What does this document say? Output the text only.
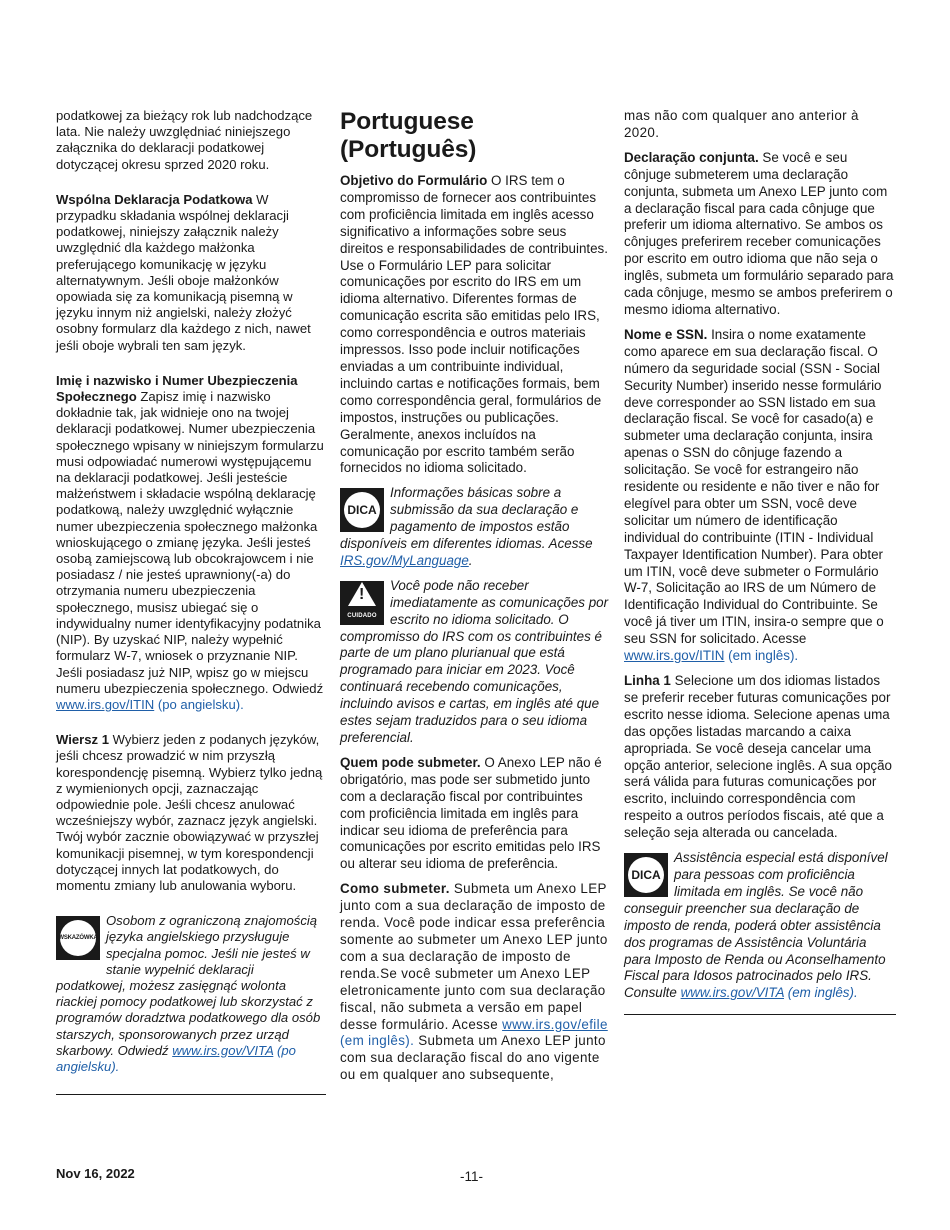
podatkowej za bieżący rok lub nadchodzące lata. Nie należy uwzględniać niniejszego załącznika do deklaracji podatkowej dotyczącej okresu sprzed 2020 roku.

Wspólna Deklaracja Podatkowa W przypadku składania wspólnej deklaracji podatkowej, niniejszy załącznik należy uwzględnić dla każdego małżonka preferującego komunikację w języku alternatywnym. Jeśli oboje małżonków opowiada się za komunikacją pisemną w języku innym niż angielski, należy złożyć osobny formularz dla każdego z nich, nawet jeśli oboje wybrali ten sam język.

Imię i nazwisko i Numer Ubezpieczenia Społecznego Zapisz imię i nazwisko dokładnie tak, jak widnieje ono na twojej deklaracji podatkowej. Numer ubezpieczenia społecznego wpisany w niniejszym formularzu musi odpowiadać numerowi występującemu na deklaracji podatkowej. Jeśli jesteście małżeństwem i składacie wspólną deklarację podatkową, należy uwzględnić wyłącznie numer ubezpieczenia społecznego małżonka wnioskującego o zmianę języka. Jeśli jesteś osobą zamiejscową lub obcokrajowcem i nie posiadasz / nie jesteś uprawniony(-a) do otrzymania numeru ubezpieczenia społecznego, musisz ubiegać się o indywidualny numer identyfikacyjny podatnika (NIP). By uzyskać NIP, należy wypełnić formularz W-7, wniosek o przyznanie NIP. Jeśli posiadasz już NIP, wpisz go w miejscu numeru ubezpieczenia społecznego. Odwiedź www.irs.gov/ITIN (po angielsku).

Wiersz 1 Wybierz jeden z podanych języków, jeśli chcesz prowadzić w nim przyszłą korespondencję pisemną. Wybierz tylko jedną z wymienionych opcji, zaznaczając odpowiednie pole. Jeśli chcesz anulować wcześniejszy wybór, zaznacz język angielski. Twój wybór zacznie obowiązywać w przyszłej komunikacji pisemnej, w tym korespondencji dotyczącej innych lat podatkowych, do momentu zmiany lub anulowania wyboru.

WSKAZÓWKA

Osobom z ograniczoną znajomością języka angielskiego przysługuje specjalna pomoc. Jeśli nie jesteś w stanie wypełnić deklaracji podatkowej, możesz zasięgnąć wolonta riackiej pomocy podatkowej lub skorzystać z programów doradztwa podatkowego dla osób starszych, sponsorowanych przez urząd skarbowy. Odwiedź www.irs.gov/VITA (po angielsku).

Portuguese (Português)

Objetivo do Formulário O IRS tem o compromisso de fornecer aos contribuintes com proficiência limitada em inglês acesso significativo a informações sobre seus direitos e responsabilidades de contribuintes. Use o Formulário LEP para solicitar comunicações por escrito do IRS em um idioma alternativo. Diferentes formas de comunicação escrita são emitidas pelo IRS, como correspondência e outros materiais impressos. Isso pode incluir notificações enviadas a um contribuinte individual, incluindo cartas e notificações formais, bem como correspondência geral, formulários de impostos, instruções ou publicações. Geralmente, anexos incluídos na comunicação por escrito também serão fornecidos no idioma solicitado.

DICA

Informações básicas sobre a submissão da sua declaração e pagamento de impostos estão disponíveis em diferentes idiomas. Acesse IRS.gov/MyLanguage.

!
CUIDADO

Você pode não receber imediatamente as comunicações por escrito no idioma solicitado. O compromisso do IRS com os contribuintes é parte de um plano plurianual que está programado para iniciar em 2023. Você continuará recebendo comunicações, incluindo avisos e cartas, em inglês até que estes sejam traduzidos para o seu idioma preferencial.

Quem pode submeter. O Anexo LEP não é obrigatório, mas pode ser submetido junto com a declaração fiscal por contribuintes com proficiência limitada em inglês para indicar seu idioma de preferência para comunicações por escrito emitidas pelo IRS ou alterar seu idioma de preferência.

Como submeter. Submeta um Anexo LEP junto com a sua declaração de imposto de renda. Você pode indicar essa preferência somente ao submeter um Anexo LEP junto com a sua declaração de imposto de renda.Se você submeter um Anexo LEP eletronicamente junto com sua declaração fiscal, não submeta a versão em papel desse formulário. Acesse www.irs.gov/efile (em inglês). Submeta um Anexo LEP junto com sua declaração fiscal do ano vigente ou em qualquer ano subsequente,

mas não com qualquer ano anterior à 2020.

Declaração conjunta. Se você e seu cônjuge submeterem uma declaração conjunta, submeta um Anexo LEP junto com a declaração fiscal para cada cônjuge que preferir um idioma alternativo. Se ambos os cônjuges preferirem receber comunicações por escrito em outro idioma que não seja o inglês, submeta um formulário separado para cada cônjuge, mesmo se ambos preferirem o mesmo idioma alternativo.

Nome e SSN. Insira o nome exatamente como aparece em sua declaração fiscal. O número da seguridade social (SSN - Social Security Number) inserido nesse formulário deve corresponder ao SSN listado em sua declaração fiscal. Se você for casado(a) e submeter uma declaração conjunta, insira apenas o SSN do cônjuge fazendo a solicitação. Se você for estrangeiro não residente ou residente e não tiver e não for elegível para obter um SSN, você deve solicitar um número de identificação individual do contribuinte (ITIN - Individual Taxpayer Identification Number). Para obter um ITIN, você deve submeter o Formulário W-7, Solicitação ao IRS de um Número de Identificação Individual do Contribuinte. Se você já tiver um ITIN, insira-o sempre que o seu SSN for solicitado. Acesse www.irs.gov/ITIN (em inglês).

Linha 1 Selecione um dos idiomas listados se preferir receber futuras comunicações por escrito nesse idioma. Selecione apenas uma das opções listadas marcando a caixa apropriada. Se você deseja cancelar uma opção anterior, selecione inglês. A sua opção será válida para futuras comunicações por escrito, incluindo correspondência com respeito a outros períodos fiscais, até que a seleção seja alterada ou cancelada.

DICA

Assistência especial está disponível para pessoas com proficiência limitada em inglês. Se você não conseguir preencher sua declaração de imposto de renda, poderá obter assistência dos programas de Assistência Voluntária para Imposto de Renda ou Aconselhamento Fiscal para Idosos patrocinados pelo IRS. Consulte www.irs.gov/VITA (em inglês).

Nov 16, 2022	-11-
